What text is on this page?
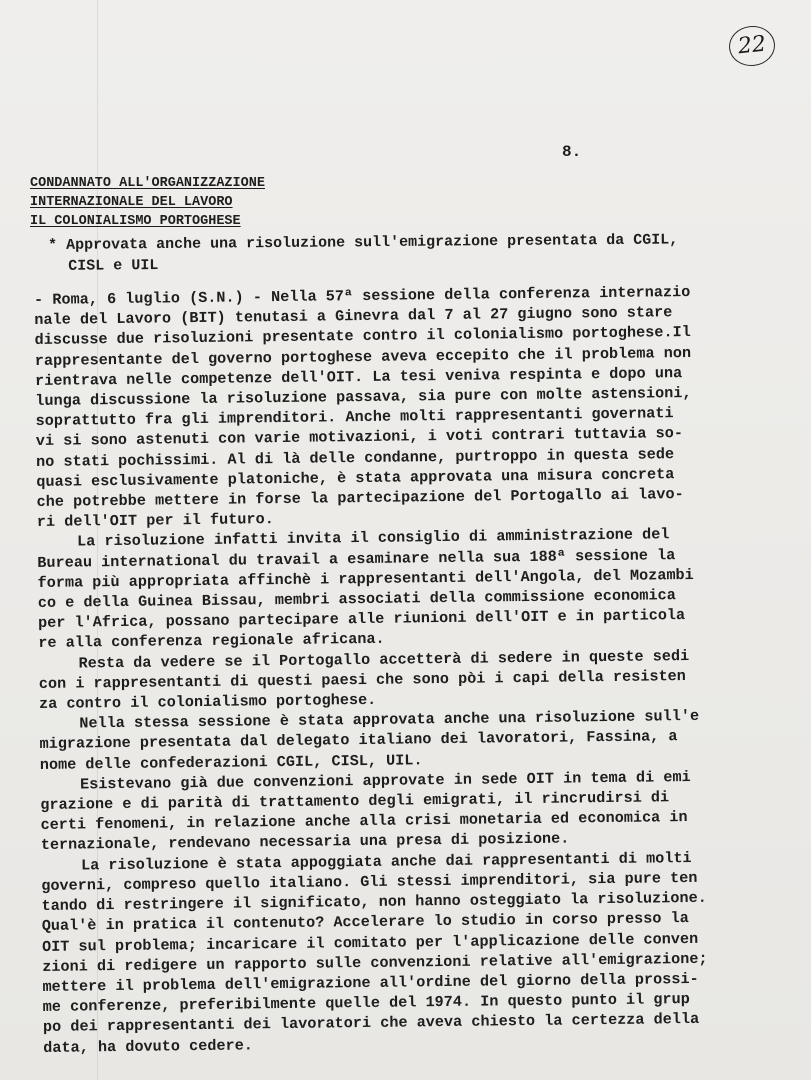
22
8.
CONDANNATO ALL'ORGANIZZAZIONE
INTERNAZIONALE DEL LAVORO
IL COLONIALISMO PORTOGHESE
* Approvata anche una risoluzione sull'emigrazione presentata da CGIL,
CISL e UIL
- Roma, 6 luglio (S.N.) - Nella 57ª sessione della conferenza internazio
nale del Lavoro (BIT) tenutasi a Ginevra dal 7 al 27 giugno sono stare
discusse due risoluzioni presentate contro il colonialismo portoghese.Il
rappresentante del governo portoghese aveva eccepito che il problema non
rientrava nelle competenze dell'OIT. La tesi veniva respinta e dopo una
lunga discussione la risoluzione passava, sia pure con molte astensioni,
soprattutto fra gli imprenditori. Anche molti rappresentanti governati
vi si sono astenuti con varie motivazioni, i voti contrari tuttavia so-
no stati pochissimi. Al di là delle condanne, purtroppo in questa sede
quasi esclusivamente platoniche, è stata approvata una misura concreta
che potrebbe mettere in forse la partecipazione del Portogallo ai lavo-
ri dell'OIT per il futuro.
La risoluzione infatti invita il consiglio di amministrazione del
Bureau international du travail a esaminare nella sua 188ª sessione la
forma più appropriata affinchè i rappresentanti dell'Angola, del Mozambi
co e della Guinea Bissau, membri associati della commissione economica
per l'Africa, possano partecipare alle riunioni dell'OIT e in particola
re alla conferenza regionale africana.
Resta da vedere se il Portogallo accetterà di sedere in queste sedi
con i rappresentanti di questi paesi che sono pòi i capi della resisten
za contro il colonialismo portoghese.
Nella stessa sessione è stata approvata anche una risoluzione sull'e
migrazione presentata dal delegato italiano dei lavoratori, Fassina, a
nome delle confederazioni CGIL, CISL, UIL.
Esistevano già due convenzioni approvate in sede OIT in tema di emi
grazione e di parità di trattamento degli emigrati, il rincrudirsi di
certi fenomeni, in relazione anche alla crisi monetaria ed economica in
ternazionale, rendevano necessaria una presa di posizione.
La risoluzione è stata appoggiata anche dai rappresentanti di molti
governi, compreso quello italiano. Gli stessi imprenditori, sia pure ten
tando di restringere il significato, non hanno osteggiato la risoluzione.
Qual'è in pratica il contenuto? Accelerare lo studio in corso presso la
OIT sul problema; incaricare il comitato per l'applicazione delle conven
zioni di redigere un rapporto sulle convenzioni relative all'emigrazione;
mettere il problema dell'emigrazione all'ordine del giorno della prossi-
me conferenze, preferibilmente quelle del 1974. In questo punto il grup
po dei rappresentanti dei lavoratori che aveva chiesto la certezza della
data, ha dovuto cedere.
